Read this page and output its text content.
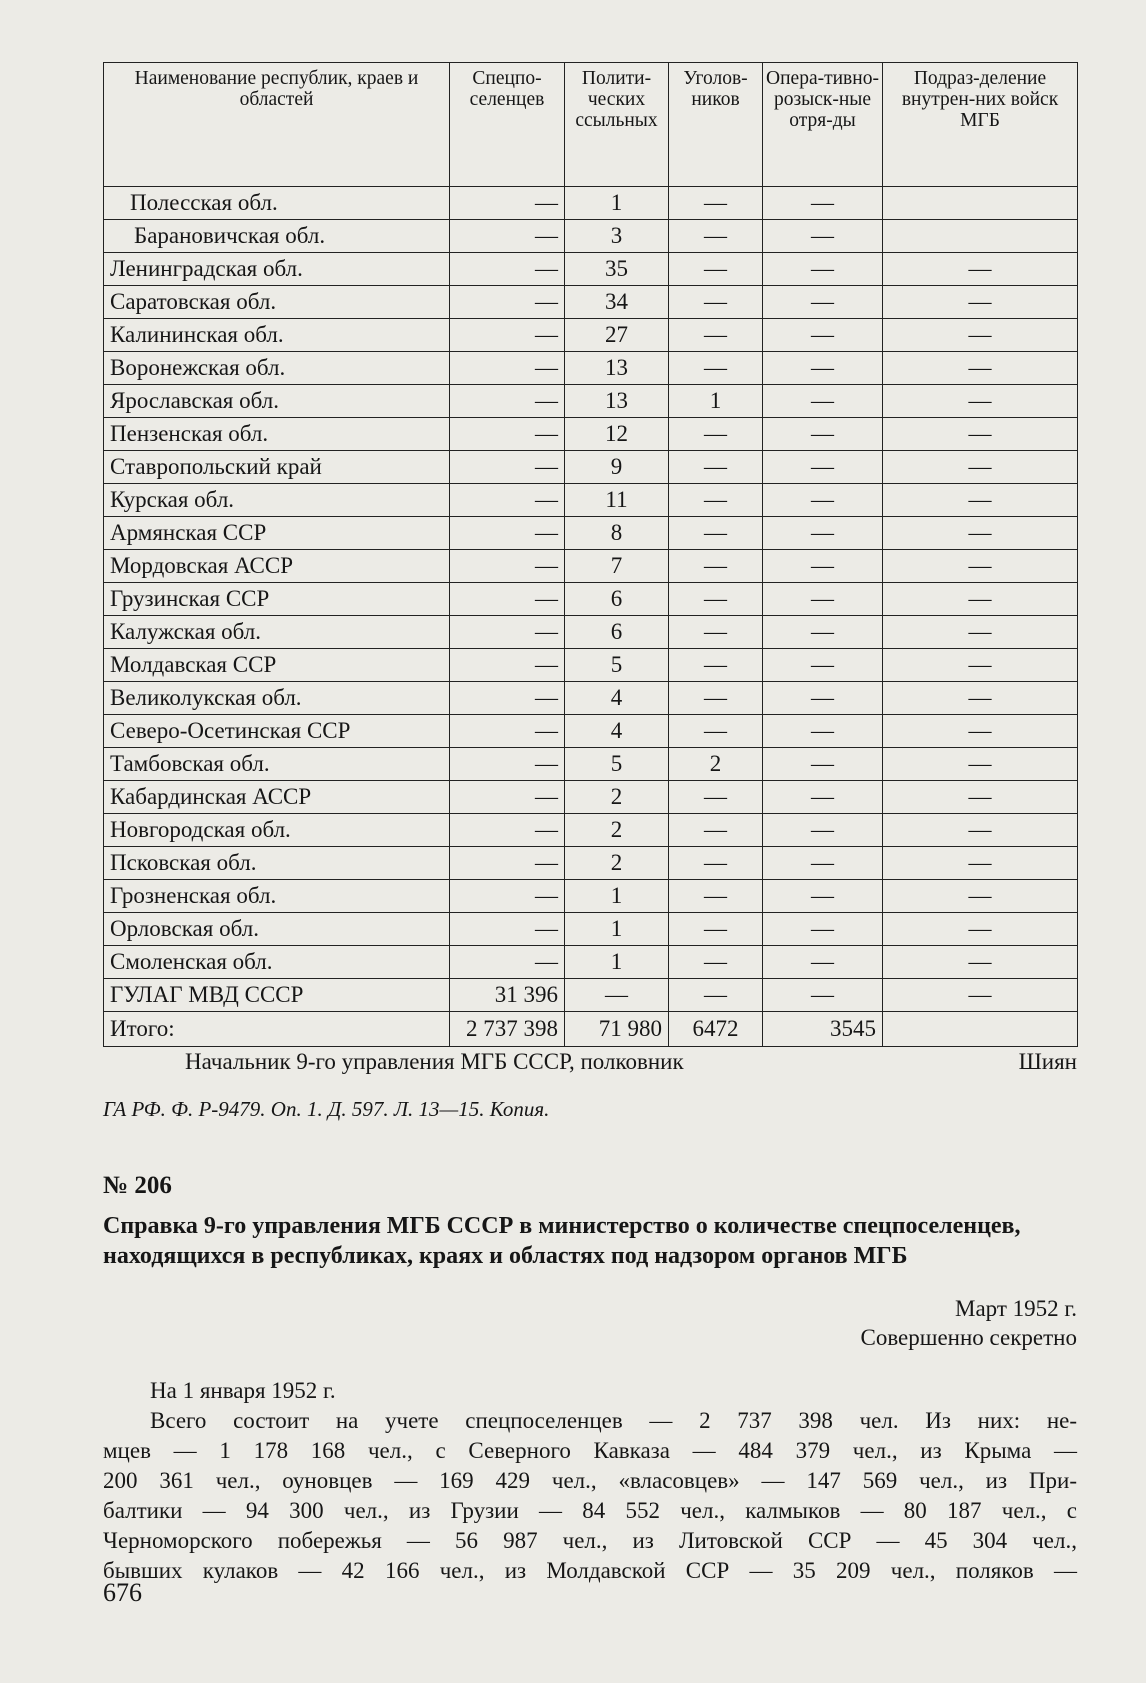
Наименование республик, краев и областей	Спецпо-селенцев	Полити-ческих ссыльных	Уголов-ников	Опера-тивно-розыск-ные отря-ды	Подраз-деление внутрен-них войск МГБ
Полесская обл.	—	1	—	—	
Барановичская обл.	—	3	—	—	
Ленинградская обл.	—	35	—	—	—
Саратовская обл.	—	34	—	—	—
Калининская обл.	—	27	—	—	—
Воронежская обл.	—	13	—	—	—
Ярославская обл.	—	13	1	—	—
Пензенская обл.	—	12	—	—	—
Ставропольский край	—	9	—	—	—
Курская обл.	—	11	—	—	—
Армянская ССР	—	8	—	—	—
Мордовская АССР	—	7	—	—	—
Грузинская ССР	—	6	—	—	—
Калужская обл.	—	6	—	—	—
Молдавская ССР	—	5	—	—	—
Великолукская обл.	—	4	—	—	—
Северо-Осетинская ССР	—	4	—	—	—
Тамбовская обл.	—	5	2	—	—
Кабардинская АССР	—	2	—	—	—
Новгородская обл.	—	2	—	—	—
Псковская обл.	—	2	—	—	—
Грозненская обл.	—	1	—	—	—
Орловская обл.	—	1	—	—	—
Смоленская обл.	—	1	—	—	—
ГУЛАГ МВД СССР	31 396	—	—	—	—
Итого:	2 737 398	71 980	6472	3545	
Начальник 9-го управления МГБ СССР, полковник	Шиян
ГА РФ. Ф. Р-9479. Оп. 1. Д. 597. Л. 13—15. Копия.
№ 206
Справка 9-го управления МГБ СССР в министерство о количестве спецпоселенцев, находящихся в республиках, краях и областях под надзором органов МГБ
Март 1952 г.
Совершенно секретно
На 1 января 1952 г.
Всего состоит на учете спецпоселенцев — 2 737 398 чел. Из них: не-
мцев — 1 178 168 чел., с Северного Кавказа — 484 379 чел., из Крыма —
200 361 чел., оуновцев — 169 429 чел., «власовцев» — 147 569 чел., из При-
балтики — 94 300 чел., из Грузии — 84 552 чел., калмыков — 80 187 чел., с
Черноморского побережья — 56 987 чел., из Литовской ССР — 45 304 чел.,
бывших кулаков — 42 166 чел., из Молдавской ССР — 35 209 чел., поляков —
676
